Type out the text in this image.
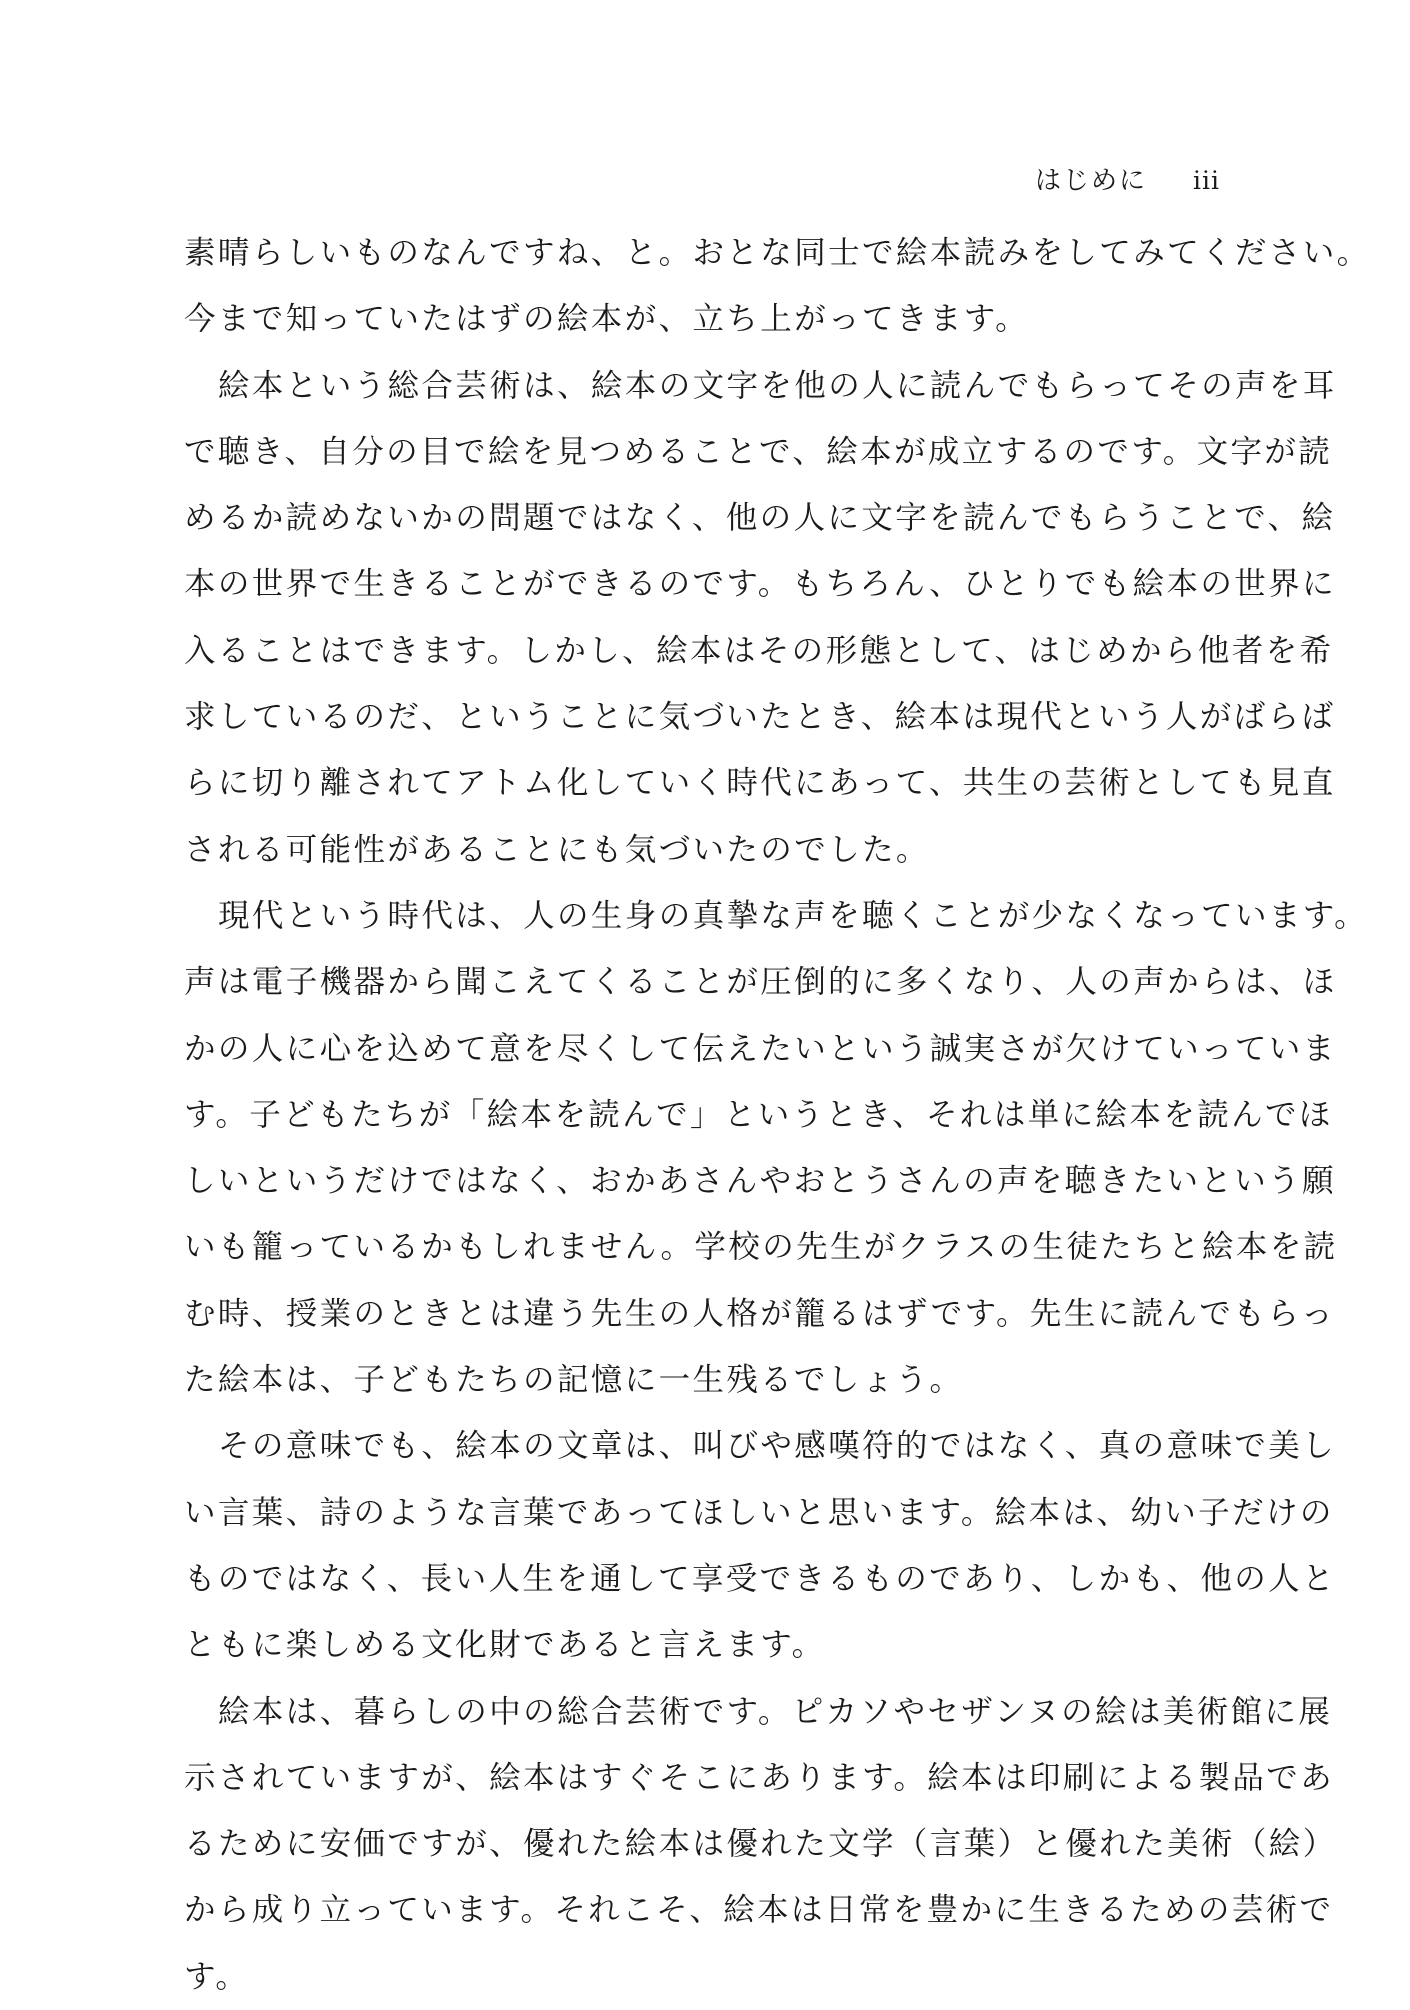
はじめに iii
素晴らしいものなんですね、と。おとな同士で絵本読みをしてみてください。
今まで知っていたはずの絵本が、立ち上がってきます。
絵本という総合芸術は、絵本の文字を他の人に読んでもらってその声を耳
で聴き、自分の目で絵を見つめることで、絵本が成立するのです。文字が読
めるか読めないかの問題ではなく、他の人に文字を読んでもらうことで、絵
本の世界で生きることができるのです。もちろん、ひとりでも絵本の世界に
入ることはできます。しかし、絵本はその形態として、はじめから他者を希
求しているのだ、ということに気づいたとき、絵本は現代という人がばらば
らに切り離されてアトム化していく時代にあって、共生の芸術としても見直
される可能性があることにも気づいたのでした。
現代という時代は、人の生身の真摯な声を聴くことが少なくなっています。
声は電子機器から聞こえてくることが圧倒的に多くなり、人の声からは、ほ
かの人に心を込めて意を尽くして伝えたいという誠実さが欠けていっていま
す。子どもたちが「絵本を読んで」というとき、それは単に絵本を読んでほ
しいというだけではなく、おかあさんやおとうさんの声を聴きたいという願
いも籠っているかもしれません。学校の先生がクラスの生徒たちと絵本を読
む時、授業のときとは違う先生の人格が籠るはずです。先生に読んでもらっ
た絵本は、子どもたちの記憶に一生残るでしょう。
その意味でも、絵本の文章は、叫びや感嘆符的ではなく、真の意味で美し
い言葉、詩のような言葉であってほしいと思います。絵本は、幼い子だけの
ものではなく、長い人生を通して享受できるものであり、しかも、他の人と
ともに楽しめる文化財であると言えます。
絵本は、暮らしの中の総合芸術です。ピカソやセザンヌの絵は美術館に展
示されていますが、絵本はすぐそこにあります。絵本は印刷による製品であ
るために安価ですが、優れた絵本は優れた文学（言葉）と優れた美術（絵）
から成り立っています。それこそ、絵本は日常を豊かに生きるための芸術で
す。
